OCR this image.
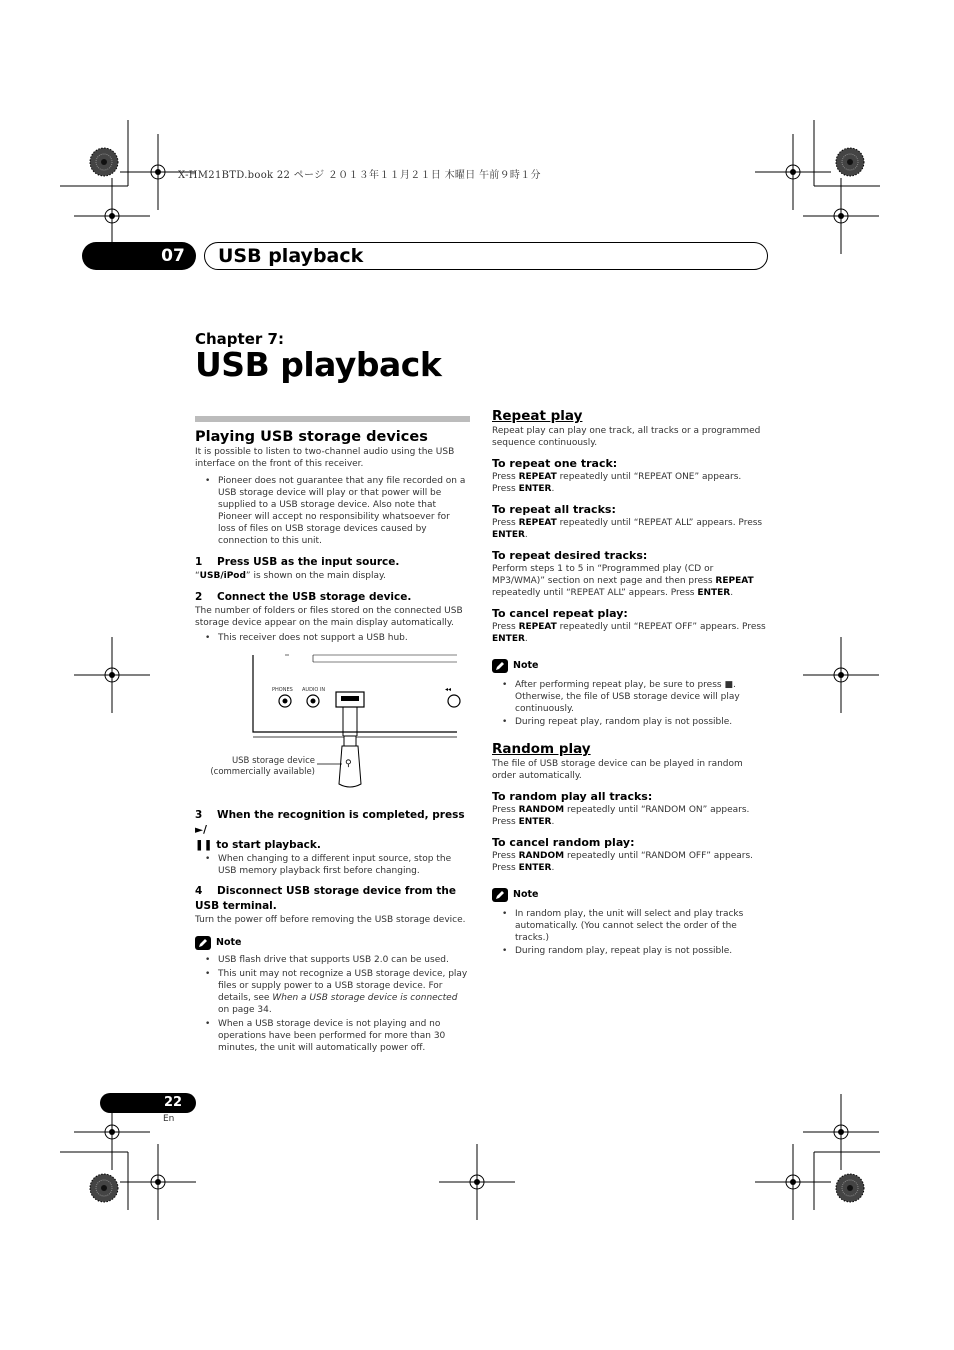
X-HM21BTD.book 22 ページ ２０１３年１１月２１日 木曜日 午前９時１分
07	USB playback
Chapter 7:
USB playback
Playing USB storage devices
It is possible to listen to two-channel audio using the USB interface on the front of this receiver.
• Pioneer does not guarantee that any file recorded on a USB storage device will play or that power will be supplied to a USB storage device. Also note that Pioneer will accept no responsibility whatsoever for loss of files on USB storage devices caused by connection to this unit.
1 Press USB as the input source.
“USB/iPod” is shown on the main display.
2 Connect the USB storage device.
The number of folders or files stored on the connected USB storage device appear on the main display automatically.
• This receiver does not support a USB hub.
◂◂
⚲
PHONES AUDIO IN
USB storage device
(commercially available)
3 When the recognition is completed, press ►/
❚❚ to start playback.
• When changing to a different input source, stop the USB memory playback first before changing.
4 Disconnect USB storage device from the USB terminal.
Turn the power off before removing the USB storage device.
Note
• USB flash drive that supports USB 2.0 can be used.
• This unit may not recognize a USB storage device, play files or supply power to a USB storage device. For details, see When a USB storage device is connected on page 34.
• When a USB storage device is not playing and no operations have been performed for more than 30 minutes, the unit will automatically power off.
Repeat play
Repeat play can play one track, all tracks or a programmed sequence continuously.
To repeat one track:
Press REPEAT repeatedly until “REPEAT ONE” appears. Press ENTER.
To repeat all tracks:
Press REPEAT repeatedly until “REPEAT ALL” appears. Press ENTER.
To repeat desired tracks:
Perform steps 1 to 5 in “Programmed play (CD or MP3/WMA)” section on next page and then press REPEAT repeatedly until “REPEAT ALL” appears. Press ENTER.
To cancel repeat play:
Press REPEAT repeatedly until “REPEAT OFF” appears. Press ENTER.
Note
• After performing repeat play, be sure to press ■. Otherwise, the file of USB storage device will play continuously.
• During repeat play, random play is not possible.
Random play
The file of USB storage device can be played in random order automatically.
To random play all tracks:
Press RANDOM repeatedly until “RANDOM ON” appears. Press ENTER.
To cancel random play:
Press RANDOM repeatedly until “RANDOM OFF” appears. Press ENTER.
Note
• In random play, the unit will select and play tracks automatically. (You cannot select the order of the tracks.)
• During random play, repeat play is not possible.
22
En
